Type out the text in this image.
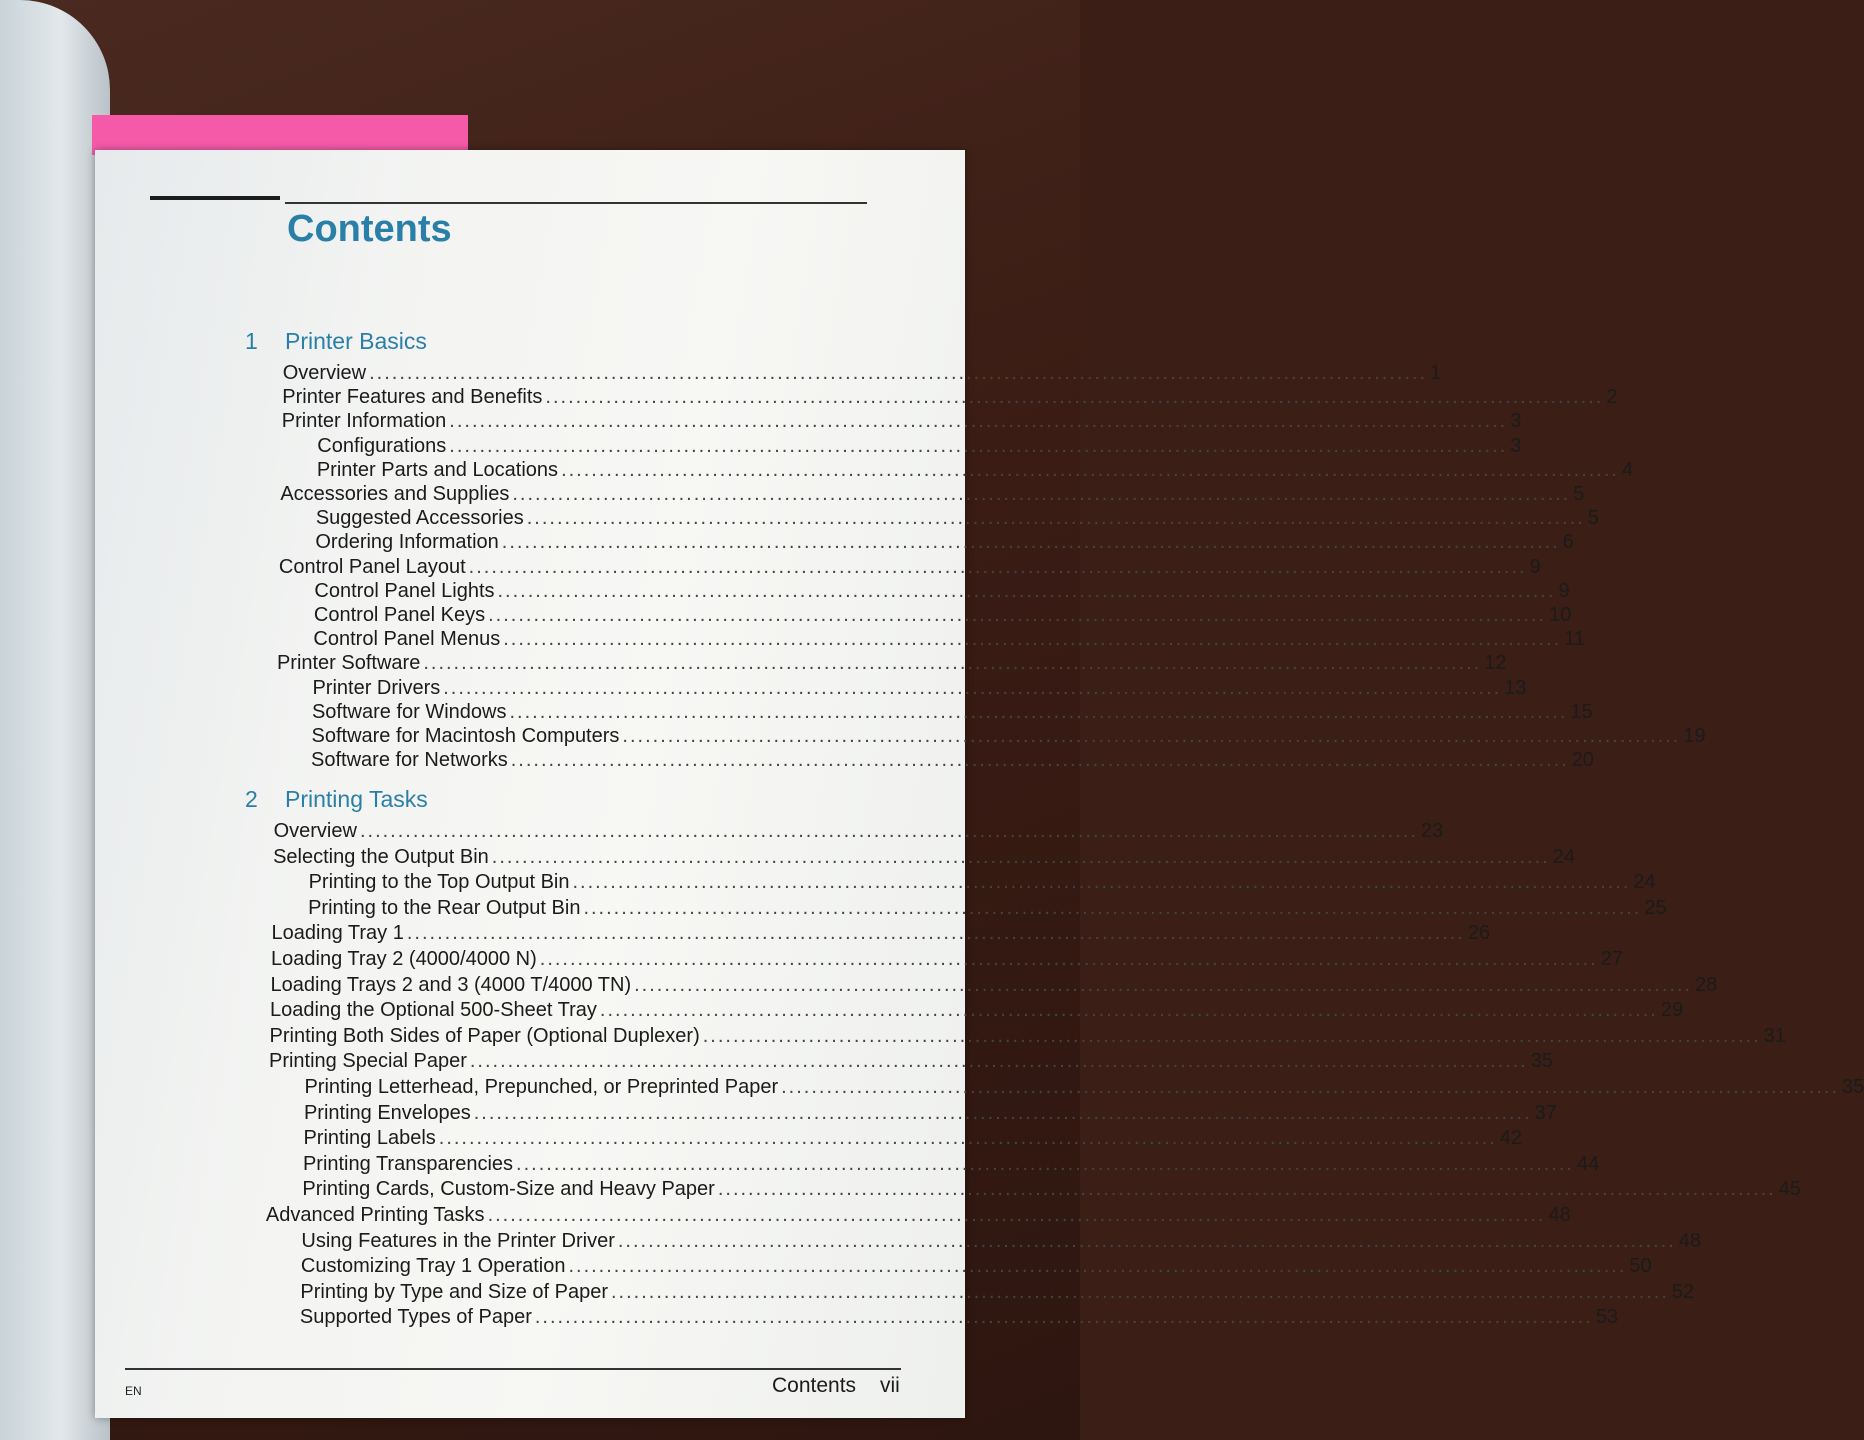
Contents
1 Printer Basics
Overview ............................................................................................................................................ 1
Printer Features and Benefits ............................................................................................................................................ 2
Printer Information ............................................................................................................................................ 3
Configurations ............................................................................................................................................ 3
Printer Parts and Locations ............................................................................................................................................ 4
Accessories and Supplies ............................................................................................................................................ 5
Suggested Accessories ............................................................................................................................................ 5
Ordering Information ............................................................................................................................................ 6
Control Panel Layout ............................................................................................................................................ 9
Control Panel Lights ............................................................................................................................................ 9
Control Panel Keys ............................................................................................................................................ 10
Control Panel Menus ............................................................................................................................................ 11
Printer Software ............................................................................................................................................ 12
Printer Drivers ............................................................................................................................................ 13
Software for Windows ............................................................................................................................................ 15
Software for Macintosh Computers ............................................................................................................................................ 19
Software for Networks ............................................................................................................................................ 20
2 Printing Tasks
Overview ............................................................................................................................................ 23
Selecting the Output Bin ............................................................................................................................................ 24
Printing to the Top Output Bin ............................................................................................................................................ 24
Printing to the Rear Output Bin ............................................................................................................................................ 25
Loading Tray 1 ............................................................................................................................................ 26
Loading Tray 2 (4000/4000 N) ............................................................................................................................................ 27
Loading Trays 2 and 3 (4000 T/4000 TN) ............................................................................................................................................ 28
Loading the Optional 500-Sheet Tray ............................................................................................................................................ 29
Printing Both Sides of Paper (Optional Duplexer) ............................................................................................................................................ 31
Printing Special Paper ............................................................................................................................................ 35
Printing Letterhead, Prepunched, or Preprinted Paper ............................................................................................................................................ 35
Printing Envelopes ............................................................................................................................................ 37
Printing Labels ............................................................................................................................................ 42
Printing Transparencies ............................................................................................................................................ 44
Printing Cards, Custom-Size and Heavy Paper ............................................................................................................................................ 45
Advanced Printing Tasks ............................................................................................................................................ 48
Using Features in the Printer Driver ............................................................................................................................................ 48
Customizing Tray 1 Operation ............................................................................................................................................ 50
Printing by Type and Size of Paper ............................................................................................................................................ 52
Supported Types of Paper ............................................................................................................................................ 53
EN	Contents vii
